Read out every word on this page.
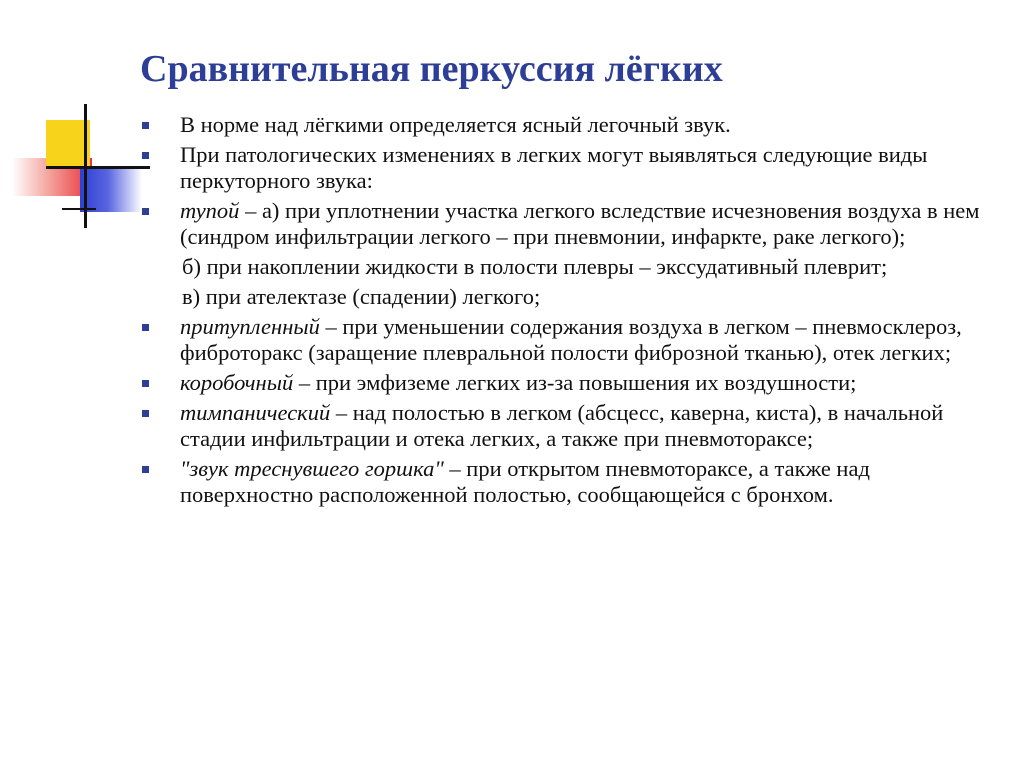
Сравнительная перкуссия лёгких
В норме над лёгкими определяется ясный легочный звук.
При патологических изменениях в легких могут выявляться следующие виды перкуторного звука:
тупой – а) при уплотнении участка легкого вследствие исчезновения воздуха в нем (синдром инфильтрации легкого – при пневмонии, инфаркте, раке легкого);
б) при накоплении жидкости в полости плевры – экссудативный плеврит;
в) при ателектазе (спадении) легкого;
притупленный – при уменьшении содержания воздуха в легком – пневмосклероз, фиброторакс (заращение плевральной полости фиброзной тканью), отек легких;
коробочный – при эмфиземе легких из-за повышения их воздушности;
тимпанический – над полостью в легком (абсцесс, каверна, киста), в начальной стадии инфильтрации и отека легких, а также при пневмотораксе;
"звук треснувшего горшка" – при открытом пневмотораксе, а также над поверхностно расположенной полостью, сообщающейся с бронхом.
